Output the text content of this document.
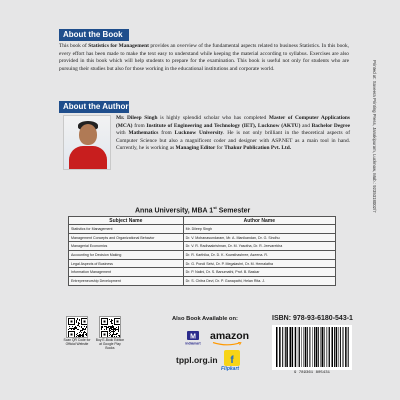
About the Book

This book of Statistics for Management provides an overview of the fundamental aspects related to business Statistics. In this book, every effort has been made to make the text easy to understand while keeping the material according to syllabus. Exercises are also provided in this book which will help students to prepare for the examination. This book is useful not only for students who are pursuing their studies but also for those working in the educational institutions and corporate world.

About the Author

Mr. Dileep Singh is highly splendid scholar who has completed Master of Computer Applications (MCA) from Institute of Engineering and Technology (IET), Lucknow (AKTU) and Bachelor Degree with Mathematics from Lucknow University. He is not only brilliant in the theoretical aspects of Computer Science but also a magnificent coder and designer with ASP.NET as a main tool in hand. Currently, he is working as Managing Editor for Thakur Publication Pvt. Ltd.	Printed at: Saveera Printing Press, Janakipuram, Lucknow, Mob.: 9235318002/7
Anna University, MBA 1st Semester
Subject Name	Author Name
Statistics for Management	Mr. Dileep Singh
Management Concepts and Organizational Behavior	Dr. V. Mohanasundaram, Mr. A. Manikandan, Dr. G. Sindhu
Managerial Economics	Dr. V. R. Radhaakrishnan, Dr. M. Yasotha, Dr. R. Jeevarekha
Accounting for Decision Making	Dr. R. Karthika, Dr. D. K. Kowsthashree, Aseena. R.
Legal Aspects of Business	Dr. G. Pondi Selvi, Dr. P. Megalashri, Dr. M. Hemalatha
Information Management	Dr. P. Nalini, Dr. S. Banumathi, Prof. B. Baskar
Entrepreneurship Development	Dr. S. Chitra Devi, Dr. P. Ganapathi, Helan Rita. J.
Scan QR Code for Official Website
Buy E-Book Edition at Google Play Books
Also Book Available on:
M
indiamart
amazon
tppl.org.in	f
Flipkart
ISBN: 978-93-6180-543-1
9 789361 805431
